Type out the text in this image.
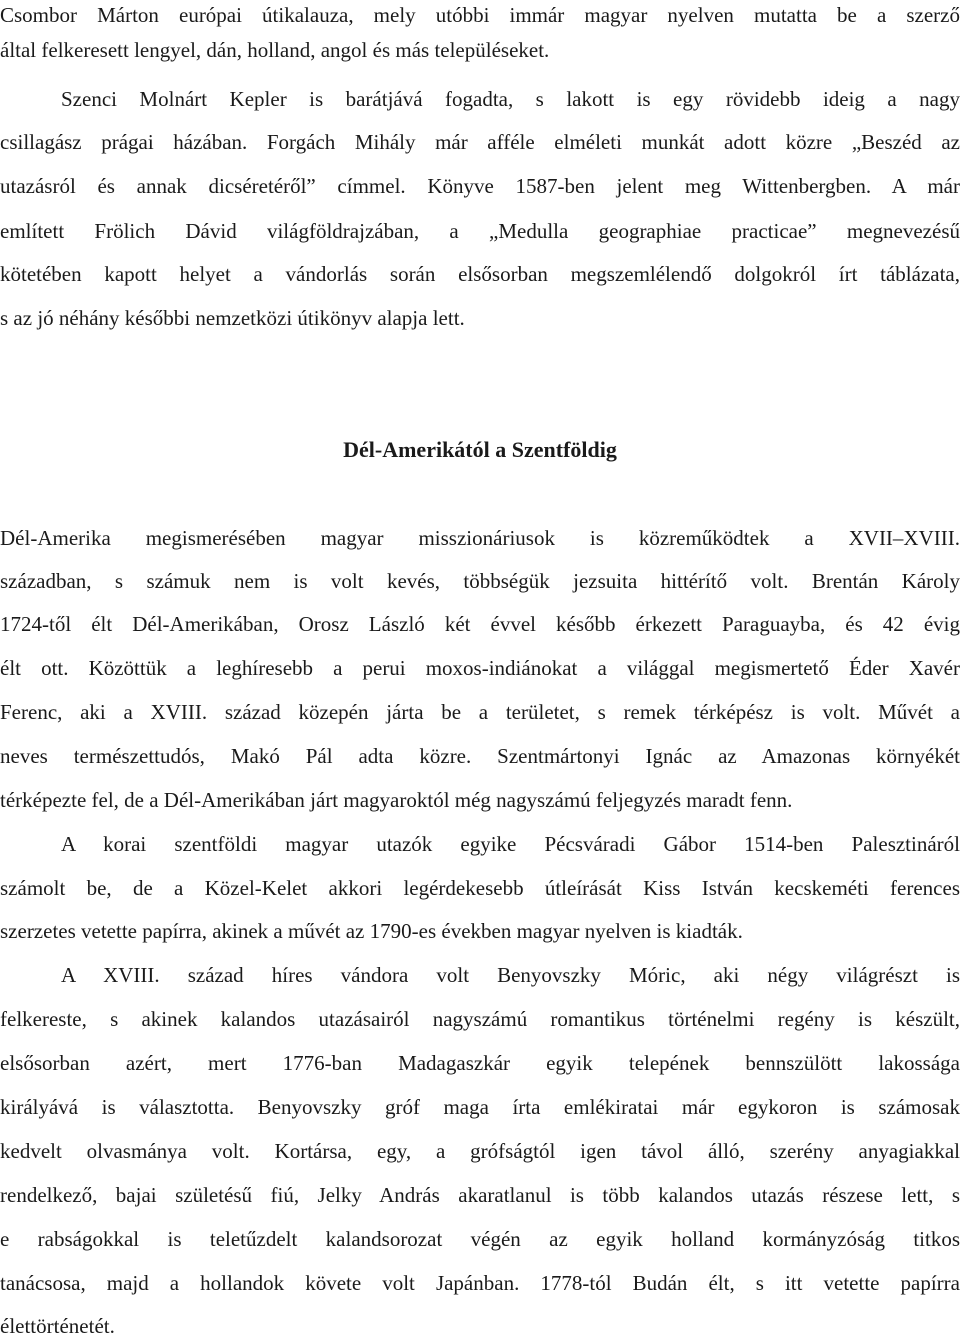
Csombor Márton európai útikalauza, mely utóbbi immár magyar nyelven mutatta be a szerző
által felkeresett lengyel, dán, holland, angol és más településeket.
Szenci Molnárt Kepler is barátjává fogadta, s lakott is egy rövidebb ideig a nagy
csillagász prágai házában. Forgách Mihály már afféle elméleti munkát adott közre „Beszéd az
utazásról és annak dicséretéről” címmel. Könyve 1587-ben jelent meg Wittenbergben. A már
említett Frölich Dávid világföldrajzában, a „Medulla geographiae practicae” megnevezésű
kötetében kapott helyet a vándorlás során elsősorban megszemlélendő dolgokról írt táblázata,
s az jó néhány későbbi nemzetközi útikönyv alapja lett.
Dél-Amerikától a Szentföldig
Dél-Amerika megismerésében magyar misszionáriusok is közreműködtek a XVII–XVIII.
században, s számuk nem is volt kevés, többségük jezsuita hittérítő volt. Brentán Károly
1724-től élt Dél-Amerikában, Orosz László két évvel később érkezett Paraguayba, és 42 évig
élt ott. Közöttük a leghíresebb a perui moxos-indiánokat a világgal megismertető Éder Xavér
Ferenc, aki a XVIII. század közepén járta be a területet, s remek térképész is volt. Művét a
neves természettudós, Makó Pál adta közre. Szentmártonyi Ignác az Amazonas környékét
térképezte fel, de a Dél-Amerikában járt magyaroktól még nagyszámú feljegyzés maradt fenn.
A korai szentföldi magyar utazók egyike Pécsváradi Gábor 1514-ben Palesztináról
számolt be, de a Közel-Kelet akkori legérdekesebb útleírását Kiss István kecskeméti ferences
szerzetes vetette papírra, akinek a művét az 1790-es években magyar nyelven is kiadták.
A XVIII. század híres vándora volt Benyovszky Móric, aki négy világrészt is
felkereste, s akinek kalandos utazásairól nagyszámú romantikus történelmi regény is készült,
elsősorban azért, mert 1776-ban Madagaszkár egyik telepének bennszülött lakossága
királyává is választotta. Benyovszky gróf maga írta emlékiratai már egykoron is számosak
kedvelt olvasmánya volt. Kortársa, egy, a grófságtól igen távol álló, szerény anyagiakkal
rendelkező, bajai születésű fiú, Jelky András akaratlanul is több kalandos utazás részese lett, s
e rabságokkal is teletűzdelt kalandsorozat végén az egyik holland kormányzóság titkos
tanácsosa, majd a hollandok követe volt Japánban. 1778-tól Budán élt, s itt vetette papírra
élettörténetét.
